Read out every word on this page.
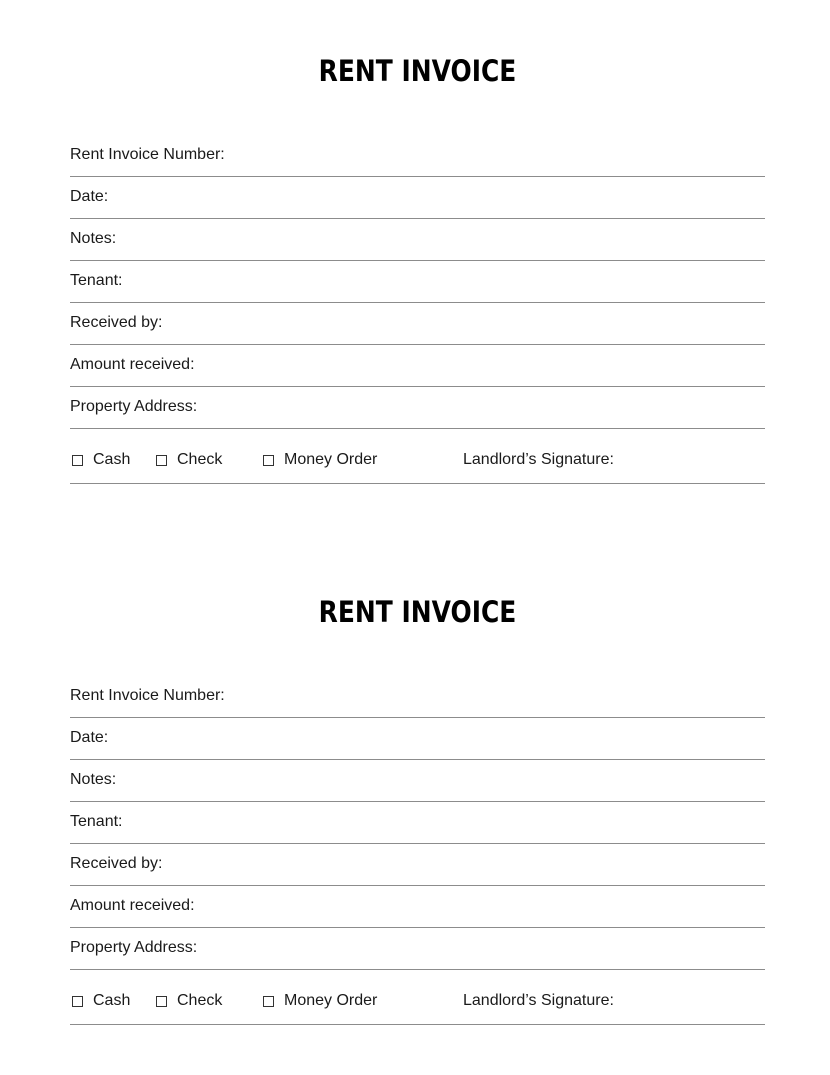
RENT INVOICE
Rent Invoice Number:
Date:
Notes:
Tenant:
Received by:
Amount received:
Property Address:
Cash	Check	Money Order	Landlord’s Signature:
RENT INVOICE
Rent Invoice Number:
Date:
Notes:
Tenant:
Received by:
Amount received:
Property Address:
Cash	Check	Money Order	Landlord’s Signature:
